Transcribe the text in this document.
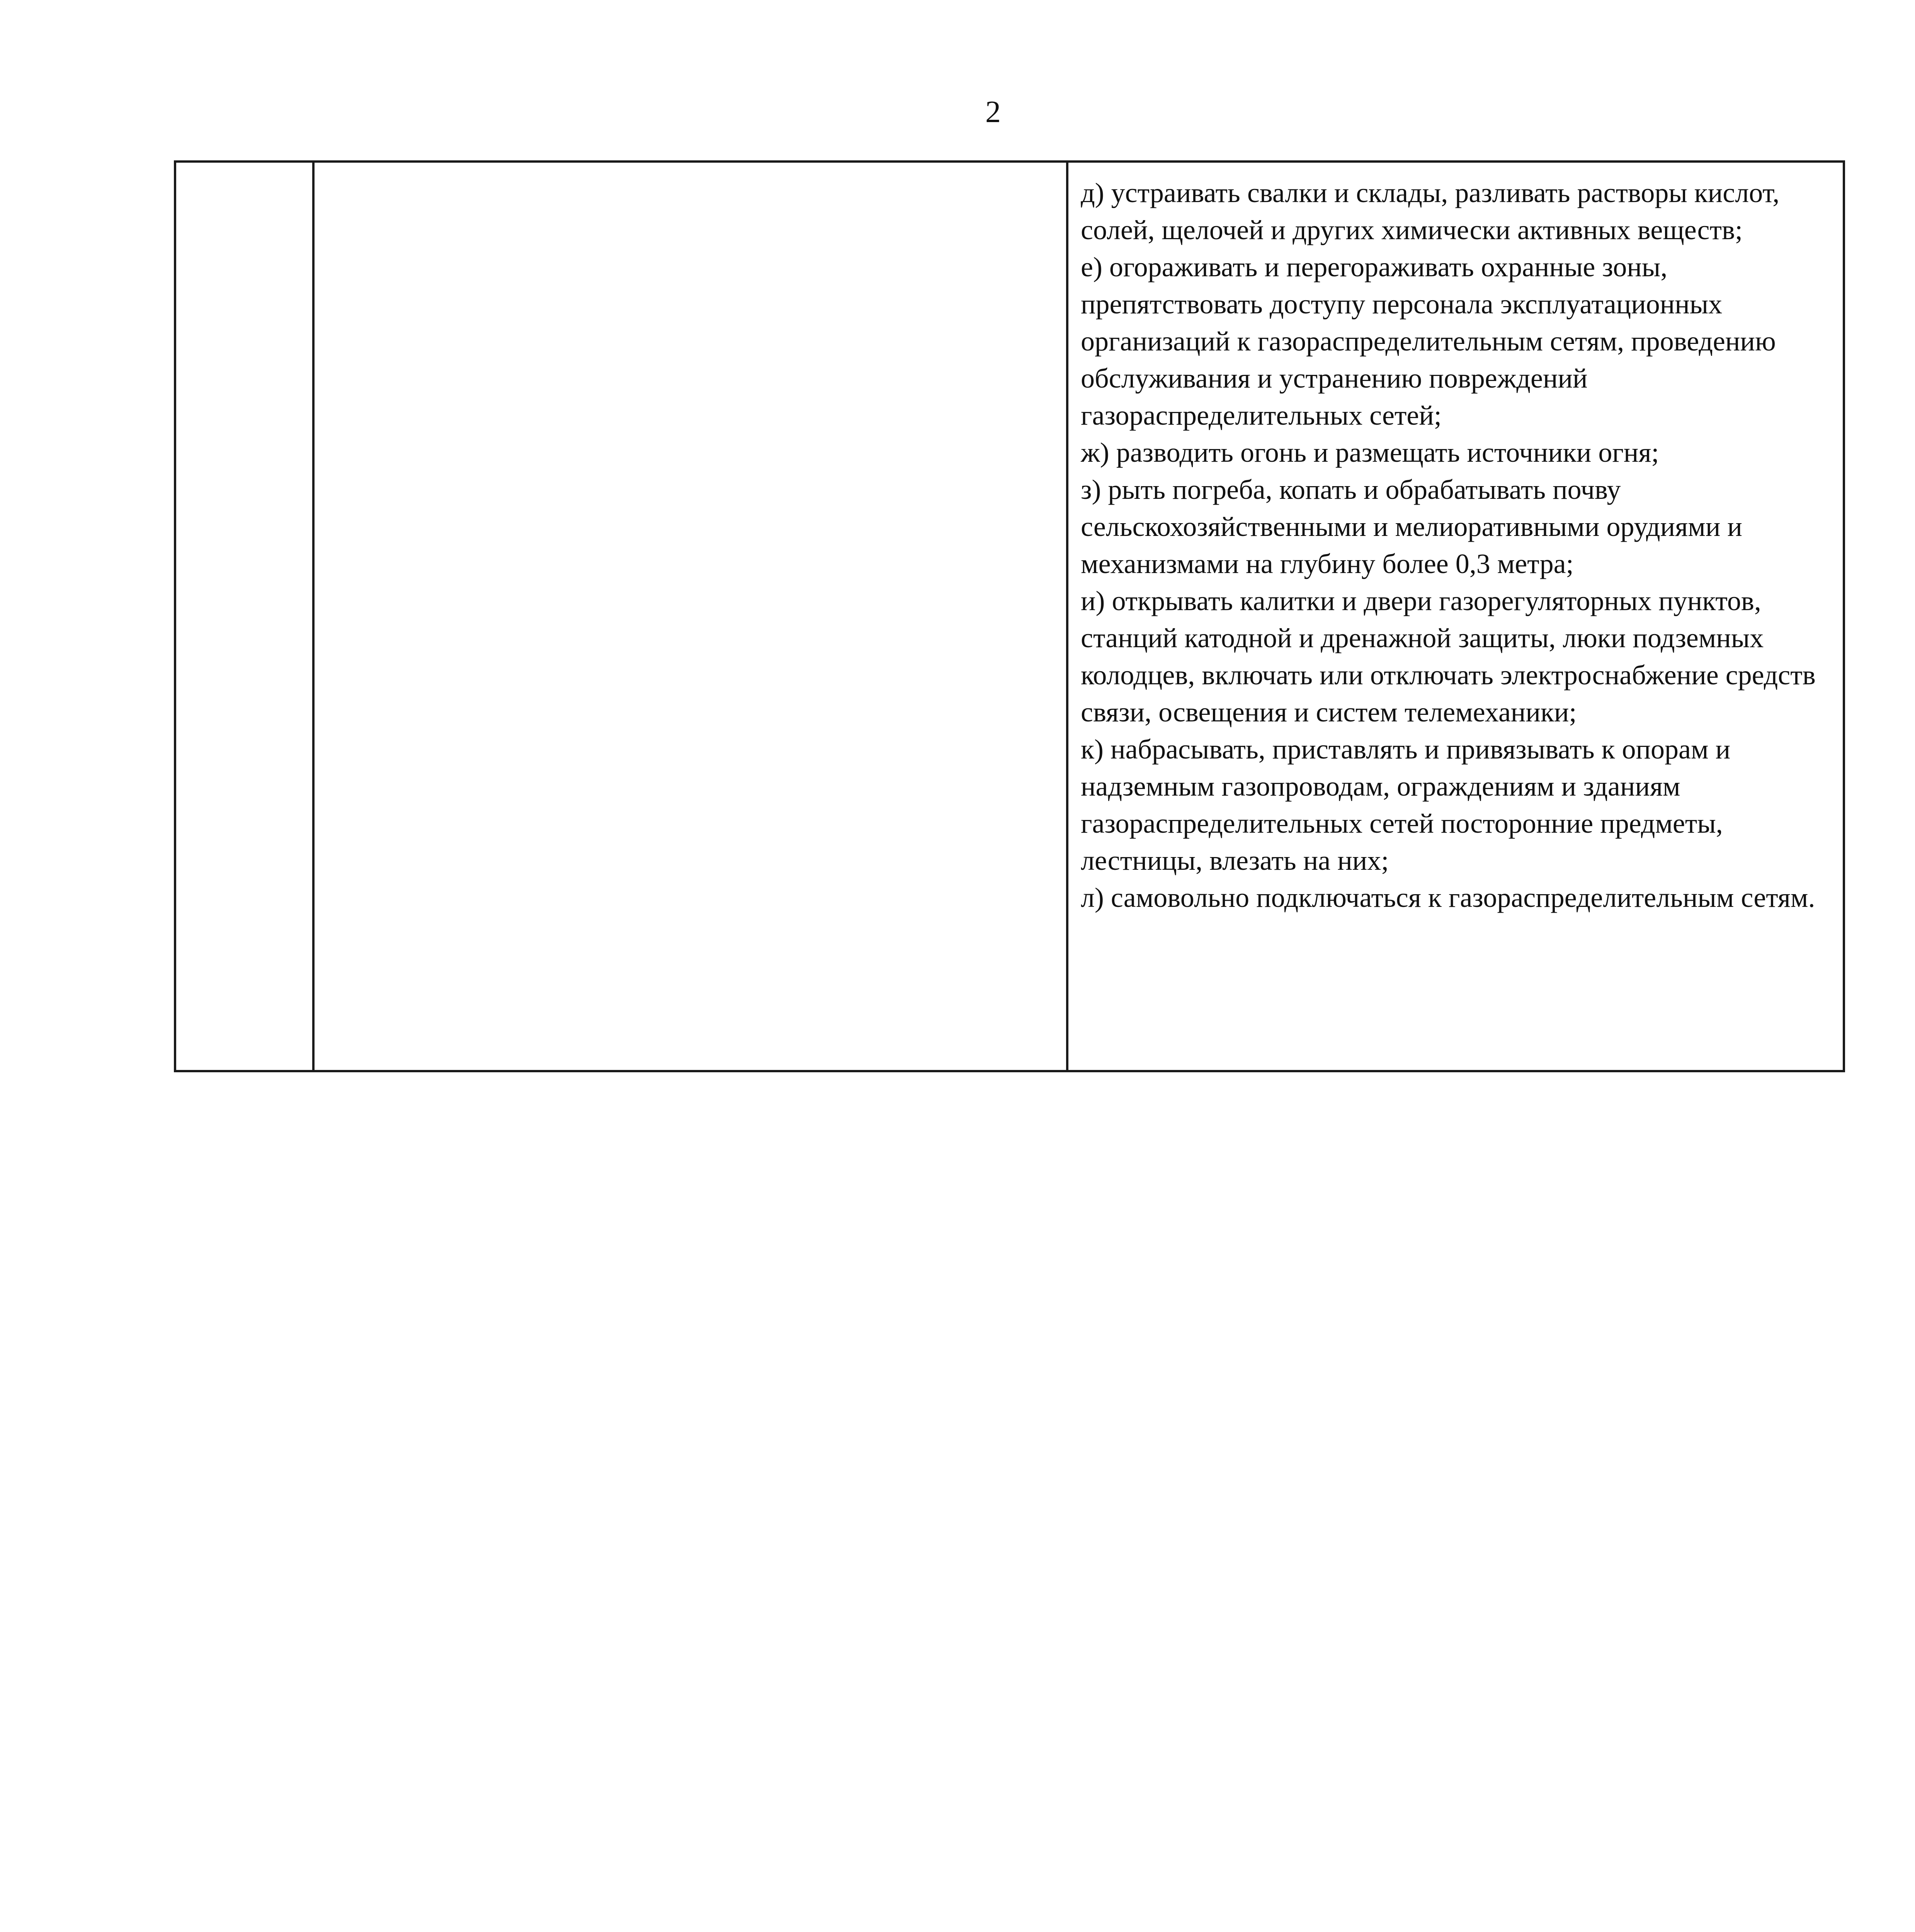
2

д) устраивать свалки и склады, разливать растворы кислот, солей, щелочей и других химически активных веществ;

е) огораживать и перегораживать охранные зоны, препятствовать доступу персонала эксплуатационных организаций к газораспределительным сетям, проведению обслуживания и устранению повреждений газораспределительных сетей;

ж) разводить огонь и размещать источники огня;

з) рыть погреба, копать и обрабатывать почву сельскохозяйственными и мелиоративными орудиями и механизмами на глубину более 0,3 метра;

и) открывать калитки и двери газорегуляторных пунктов, станций катодной и дренажной защиты, люки подземных колодцев, включать или отключать электроснабжение средств связи, освещения и систем телемеханики;

к) набрасывать, приставлять и привязывать к опорам и надземным газопроводам, ограждениям и зданиям газораспределительных сетей посторонние предметы, лестницы, влезать на них;

л) самовольно подключаться к газораспределительным сетям.
